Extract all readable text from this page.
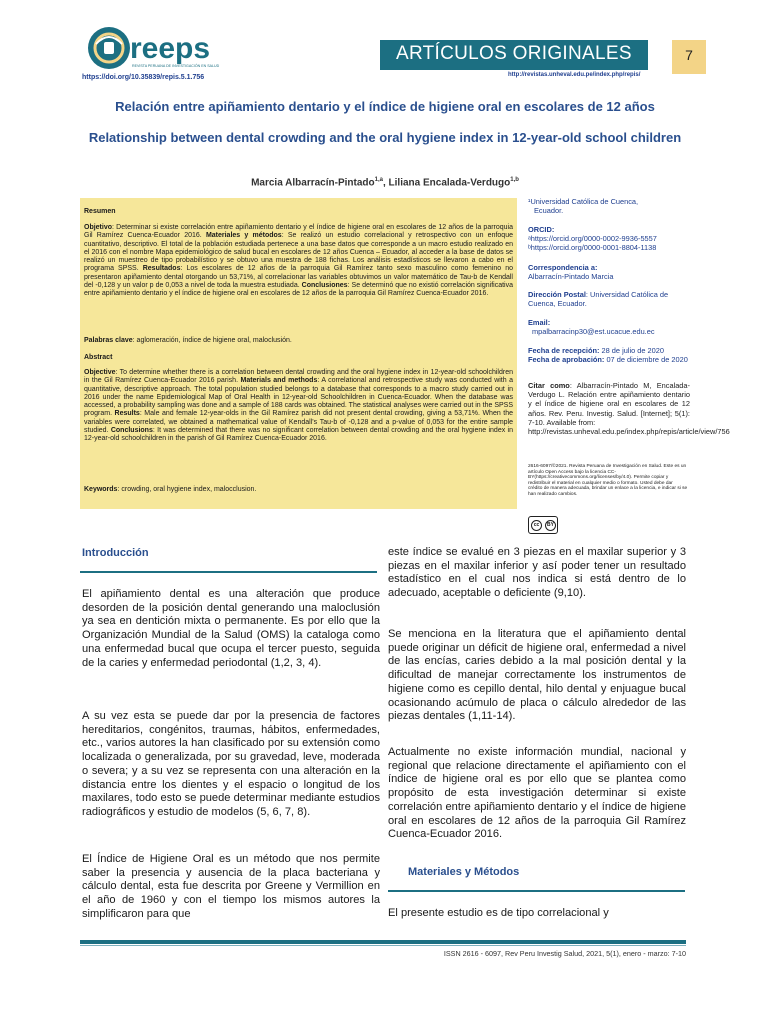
reeps
REVISTA PERUANA DE INVESTIGACIÓN EN SALUD
https://doi.org/10.35839/repis.5.1.756
ARTÍCULOS ORIGINALES	7
http://revistas.unheval.edu.pe/index.php/repis/
Relación entre apiñamiento dentario y el índice de higiene oral en escolares de 12 años
Relationship between dental crowding and the oral hygiene index in 12-year-old school children
Marcia Albarracín-Pintado$^{1,a}$, Liliana Encalada-Verdugo$^{1,b}$
Resumen
Objetivo: Determinar si existe correlación entre apiñamiento dentario y el índice de higiene oral en escolares de 12 años de la parroquia Gil Ramírez Cuenca-Ecuador 2016. Materiales y métodos: Se realizó un estudio correlacional y retrospectivo con un enfoque cuantitativo, descriptivo. El total de la población estudiada pertenece a una base datos que corresponde a un macro estudio realizado en el 2016 con el nombre Mapa epidemiológico de salud bucal en escolares de 12 años Cuenca – Ecuador, al acceder a la base de datos se realizó un muestreo de tipo probabilístico y se obtuvo una muestra de 188 fichas. Los análisis estadísticos se llevaron a cabo en el programa SPSS. Resultados: Los escolares de 12 años de la parroquia Gil Ramírez tanto sexo masculino como femenino no presentaron apiñamiento dental otorgando un 53,71%, al correlacionar las variables obtuvimos un valor matemático de Tau-b de Kendall del -0,128 y un valor p de 0,053 a nivel de toda la muestra estudiada. Conclusiones: Se determinó que no existió correlación significativa entre apiñamiento dentario y el índice de higiene oral en escolares de 12 años de la parroquia Gil Ramírez Cuenca-Ecuador 2016.
Palabras clave: aglomeración, índice de higiene oral, maloclusión.
Abstract
Objective: To determine whether there is a correlation between dental crowding and the oral hygiene index in 12-year-old schoolchildren in the Gil Ramírez Cuenca-Ecuador 2016 parish. Materials and methods: A correlational and retrospective study was conducted with a quantitative, descriptive approach. The total population studied belongs to a database that corresponds to a macro study carried out in 2016 under the name Epidemiological Map of Oral Health in 12-year-old Schoolchildren in Cuenca-Ecuador. When the database was accessed, a probability sampling was done and a sample of 188 cards was obtained. The statistical analyses were carried out in the SPSS program. Results: Male and female 12-year-olds in the Gil Ramírez parish did not present dental crowding, giving a 53,71%. When the variables were correlated, we obtained a mathematical value of Kendall's Tau-b of -0,128 and a p-value of 0,053 for the entire sample studied. Conclusions: It was determined that there was no significant correlation between dental crowding and the oral hygiene index in 12-year-old schoolchildren in the parish of Gil Ramírez Cuenca-Ecuador 2016.
Keywords: crowding, oral hygiene index, malocclusion.
¹Universidad Católica de Cuenca,
Ecuador.
ORCID:
ᵃhttps://orcid.org/0000-0002-9936-5557
ᵇhttps://orcid.org/0000-0001-8804-1138
Correspondencia a:
Albarracín-Pintado Marcia
Dirección Postal: Universidad Católica de Cuenca, Ecuador.
Email:
mpalbarracinp30@est.ucacue.edu.ec
Fecha de recepción: 28 de julio de 2020
Fecha de aprobación: 07 de diciembre de 2020
Citar como: Albarracín-Pintado M, Encalada-Verdugo L. Relación entre apiñamiento dentario y el índice de higiene oral en escolares de 12 años. Rev. Peru. Investig. Salud. [Internet]; 5(1): 7-10. Available from:
http://revistas.unheval.edu.pe/index.php/repis/article/view/756
2616-6097/©2021. Revista Peruana de Investigación en Salud. Este es un artículo Open Access bajo la licencia CC-BY(https://creativecommons.org/licenses/by/4.0). Permite copiar y redistribuir el material en cualquier medio o formato. Usted debe dar crédito de manera adecuada, brindar un enlace a la licencia, e indicar si se han realizado cambios.
cc	BY
Introducción
El apiñamiento dental es una alteración que produce desorden de la posición dental generando una maloclusión ya sea en dentición mixta o permanente. Es por ello que la Organización Mundial de la Salud (OMS) la cataloga como una enfermedad bucal que ocupa el tercer puesto, seguida de la caries y enfermedad periodontal (1,2, 3, 4).
A su vez esta se puede dar por la presencia de factores hereditarios, congénitos, traumas, hábitos, enfermedades, etc., varios autores la han clasificado por su extensión como localizada o generalizada, por su gravedad, leve, moderada o severa; y a su vez se representa con una alteración en la distancia entre los dientes y el espacio o longitud de los maxilares, todo esto se puede determinar mediante estudios radiográficos y estudio de modelos (5, 6, 7, 8).
El Índice de Higiene Oral es un método que nos permite saber la presencia y ausencia de la placa bacteriana y cálculo dental, esta fue descrita por Greene y Vermillion en el año de 1960 y con el tiempo los mismos autores la simplificaron para que
este índice se evalué en 3 piezas en el maxilar superior y 3 piezas en el maxilar inferior y así poder tener un resultado estadístico en el cual nos indica si está dentro de lo adecuado, aceptable o deficiente (9,10).
Se menciona en la literatura que el apiñamiento dental puede originar un déficit de higiene oral, enfermedad a nivel de las encías, caries debido a la mal posición dental y la dificultad de manejar correctamente los instrumentos de higiene como es cepillo dental, hilo dental y enjuague bucal ocasionando acúmulo de placa o cálculo alrededor de las piezas dentales (1,11-14).
Actualmente no existe información mundial, nacional y regional que relacione directamente el apiñamiento con el índice de higiene oral es por ello que se plantea como propósito de esta investigación determinar si existe correlación entre apiñamiento dentario y el índice de higiene oral en escolares de 12 años de la parroquia Gil Ramírez Cuenca-Ecuador 2016.
Materiales y Métodos
El presente estudio es de tipo correlacional y
ISSN 2616 - 6097, Rev Peru Investig Salud, 2021, 5(1), enero - marzo: 7-10
